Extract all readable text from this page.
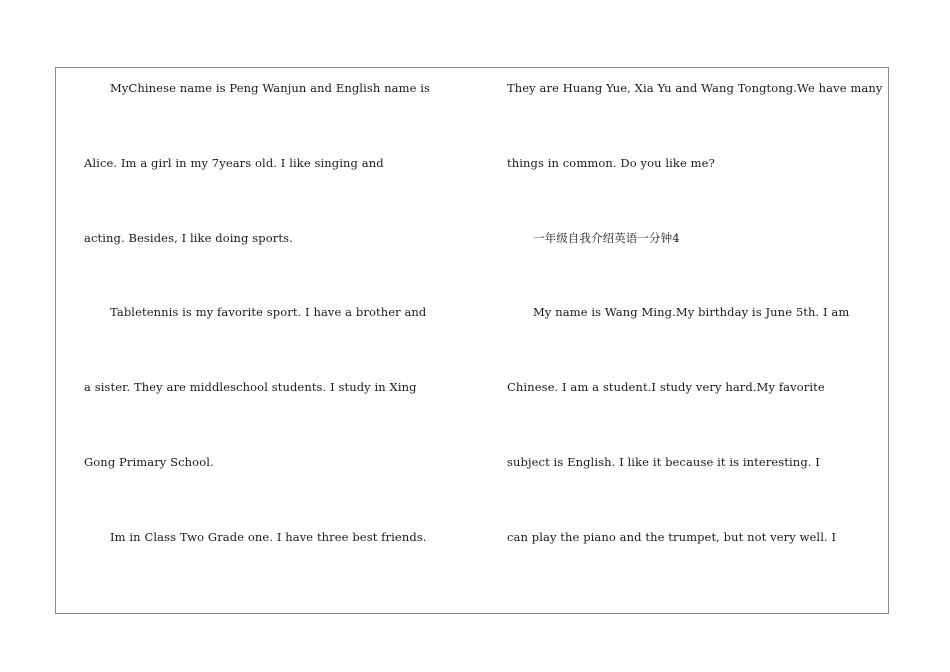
MyChinese name is Peng Wanjun and English name is
Alice. Im a girl in my 7years old. I like singing and
acting. Besides, I like doing sports.
Tabletennis is my favorite sport. I have a brother and
a sister. They are middleschool students. I study in Xing
Gong Primary School.
Im in Class Two Grade one. I have three best friends.
They are Huang Yue, Xia Yu and Wang Tongtong.We have many
things in common. Do you like me?
一年级自我介绍英语一分钟4
My name is Wang Ming.My birthday is June 5th. I am
Chinese. I am a student.I study very hard.My favorite
subject is English. I like it because it is interesting. I
can play the piano and the trumpet, but not very well. I
